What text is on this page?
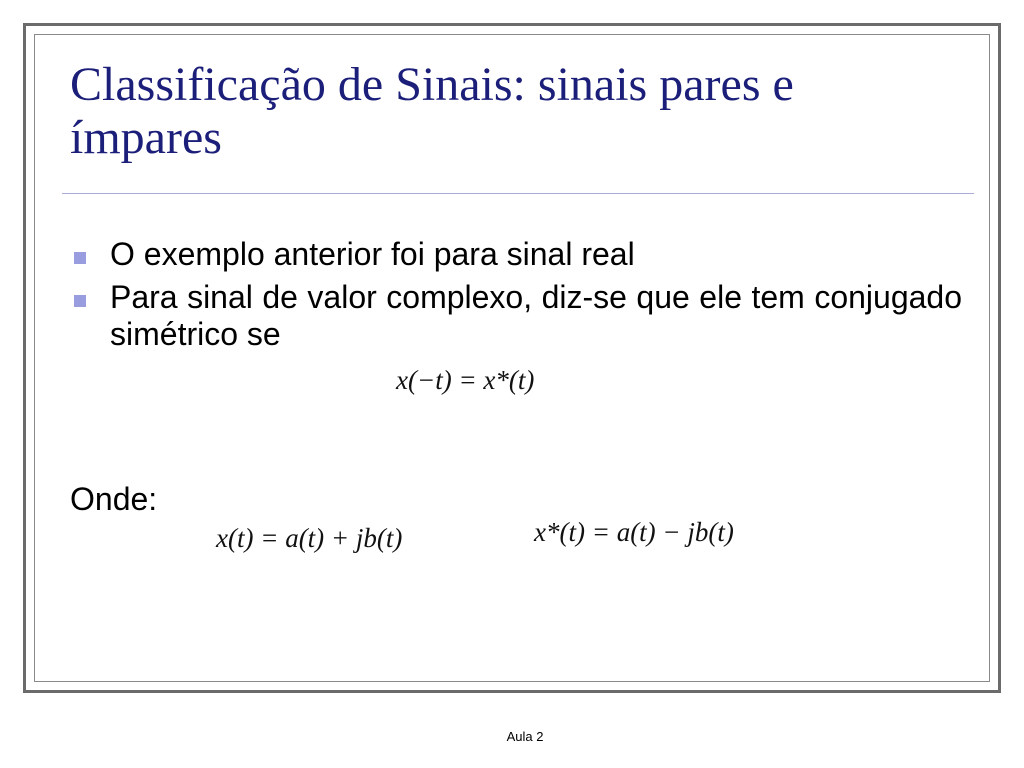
Classificação de Sinais: sinais pares e ímpares
O exemplo anterior foi para sinal real
Para sinal de valor complexo, diz-se que ele tem conjugado simétrico se
x(−t) = x*(t)
Onde:
x(t) = a(t) + jb(t)	x*(t) = a(t) − jb(t)
Aula 2
